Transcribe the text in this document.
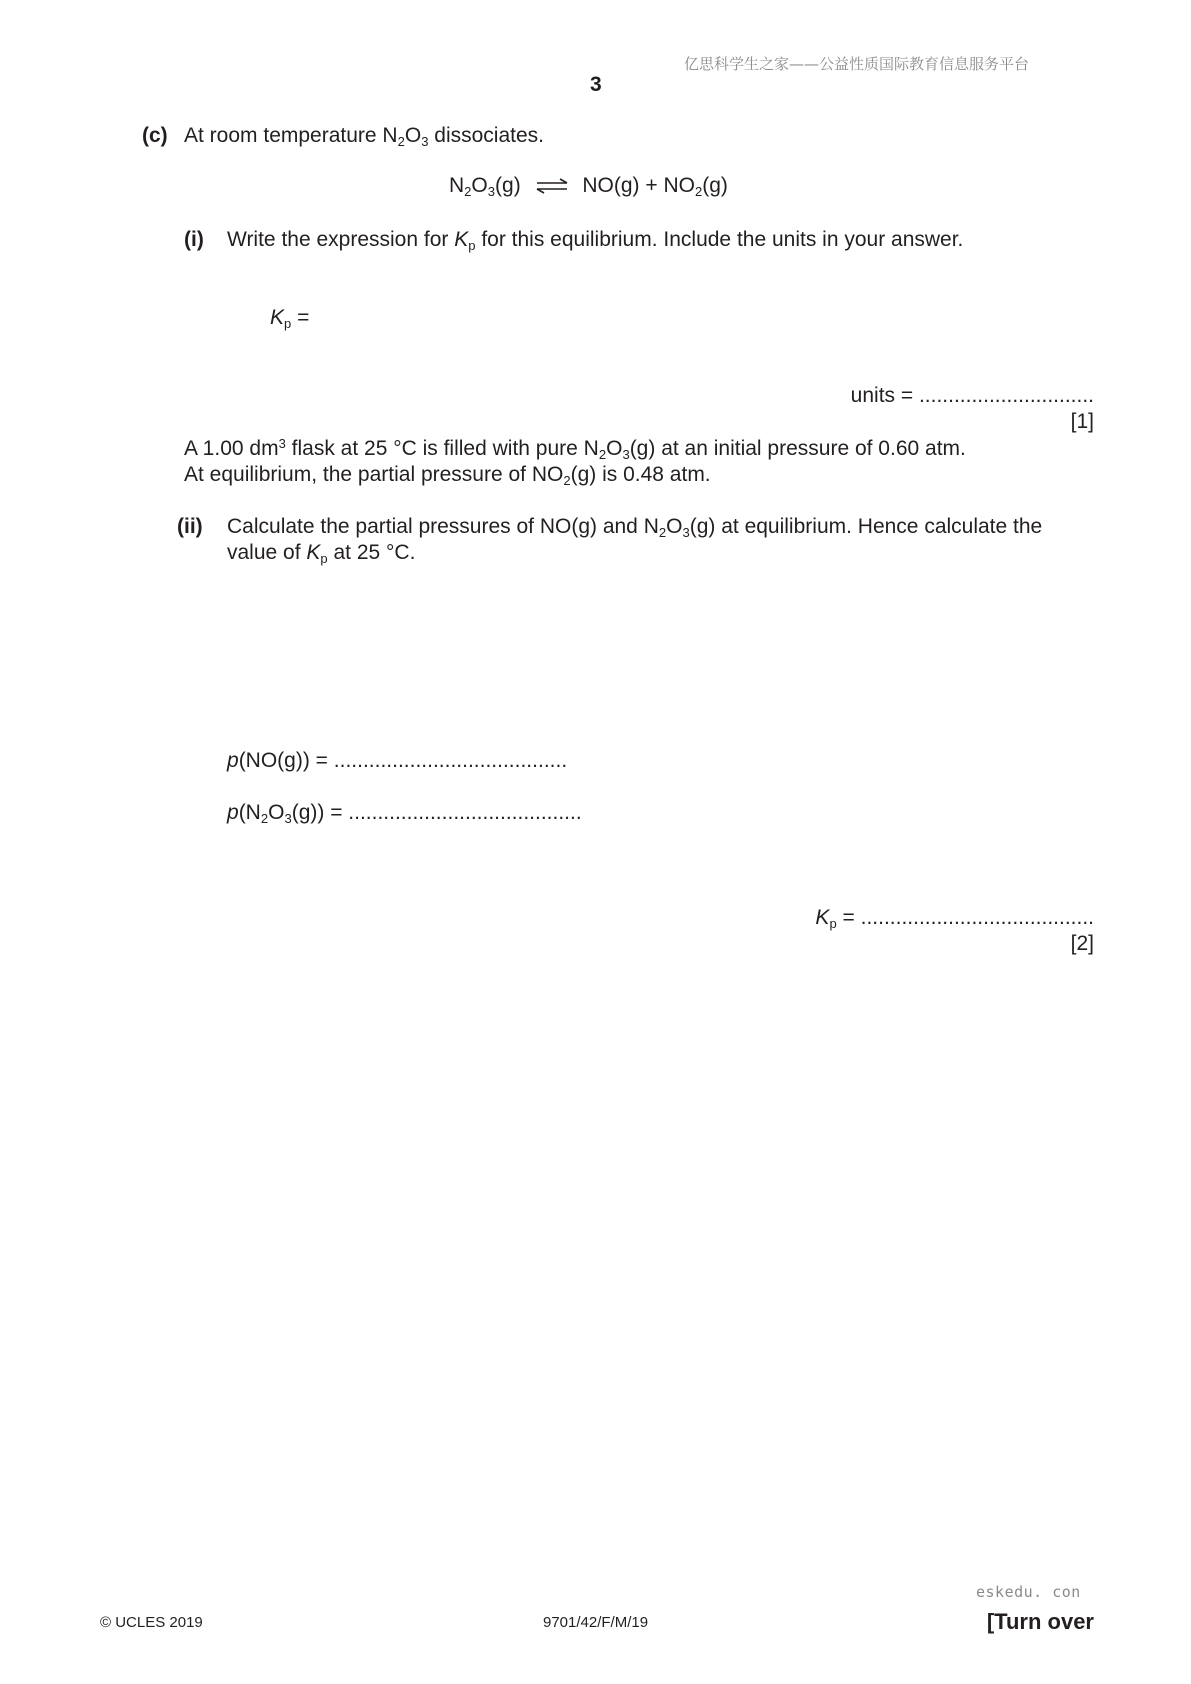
亿思科学生之家——公益性质国际教育信息服务平台
3
(c) At room temperature $N_2O_3$ dissociates.
$N_2O_3(g)$ ⇌ $NO(g) + NO_2(g)$
(i) Write the expression for $K_p$ for this equilibrium. Include the units in your answer.
$K_p$ =
units = ..............................
[1]
A 1.00 $dm^3$ flask at 25 °C is filled with pure $N_2O_3(g)$ at an initial pressure of 0.60 atm.
At equilibrium, the partial pressure of $NO_2(g)$ is 0.48 atm.
(ii) Calculate the partial pressures of NO(g) and $N_2O_3(g)$ at equilibrium. Hence calculate the
value of $K_p$ at 25 °C.
p(NO(g)) = ........................................
$p(N_2O_3(g))$ = ........................................
$K_p$ = ........................................
[2]
eskedu. con
© UCLES 2019	9701/42/F/M/19	[Turn over
